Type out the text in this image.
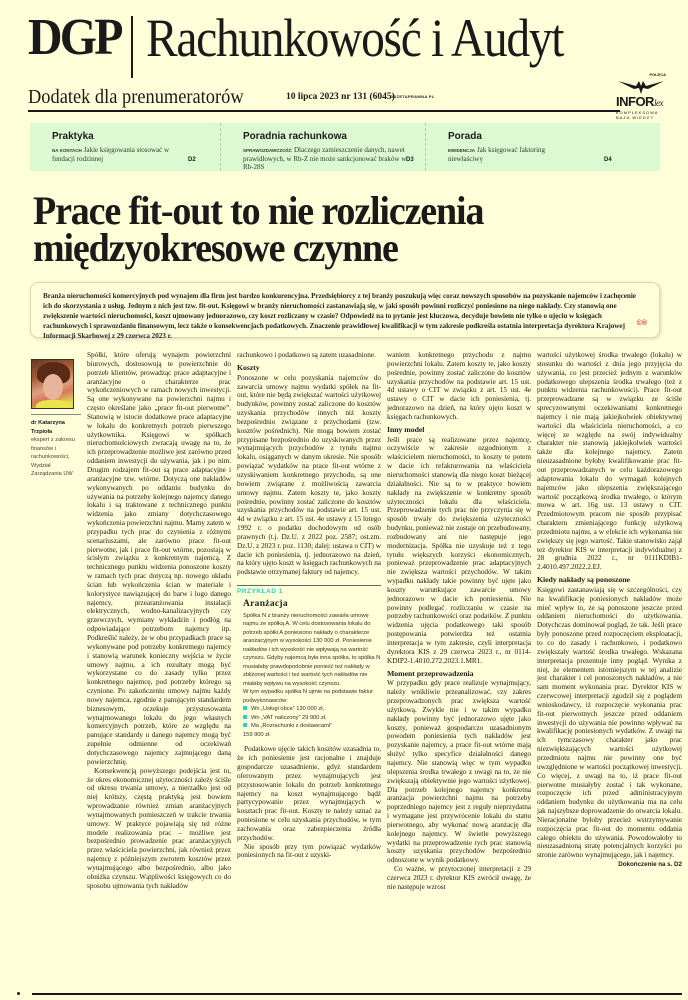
DGP Rachunkowość i Audyt
Dodatek dla prenumeratorów	10 lipca 2023 nr 131 (6045)
GAZETAPRAWNA.PL
POLECA
INFORlex
KOMPLEKSOWA
BAZA WIEDZY
Praktyka

NA KONTACH Jakie księgowania stosować w fundacji rodzinnej	D2
Poradnia rachunkowa

SPRAWOZDAWCZOŚĆ Dlaczego zamieszczenie danych, nawet prawidłowych, w Rb-Z nie może sankcjonować braków w Rb-28S

D3
Porada

EWIDENCJA Jak księgować faktoring niewłaściwy	D4
Prace fit-out to nie rozliczenia międzyokresowe czynne

Branża nieruchomości komercyjnych pod wynajem dla firm jest bardzo konkurencyjna. Przedsiębiorcy z tej branży poszukują więc coraz nowszych sposobów na pozyskanie najemców i zachęcenie ich do skorzystania z usług. Jednym z nich jest tzw. fit-out. Księgowi w branży nieruchomości zastanawiają się, w jaki sposób powinni rozliczyć poniesione na niego nakłady. Czy stanowią one zwiększenie wartości nieruchomości, koszt ujmowany jednorazowo, czy koszt rozliczany w czasie? Odpowiedź na to pytanie jest kluczowa, decyduje bowiem nie tylko o ujęciu w księgach rachunkowych i sprawozdaniu finansowym, lecz także o konsekwencjach podatkowych. Znaczenie prawidłowej kwalifikacji w tym zakresie podkreśla ostatnia interpretacja dyrektora Krajowej Informacji Skarbowej z 29 czerwca 2023 r.

©®
dr Katarzyna Trzpioła
ekspert z zakresu finansów i rachunkowości, Wydział Zarządzania UW

Spółki, które oferują wynajem powierzchni biurowych, dostosowują te powierzchnie do potrzeb klientów, prowadząc prace adaptacyjne i aranżacyjne o charakterze prac wykończeniowych w ramach nowych inwestycji. Są one wykonywane na powierzchni najmu i często określane jako „prace fit-out pierwotne”. Stanowią w istocie dodatkowe prace adaptacyjne w lokalu do konkretnych potrzeb pierwszego użytkownika. Księgowi w spółkach nieruchomościowych zwracają uwagę na to, że ich przeprowadzenie możliwe jest zarówno przed oddaniem inwestycji do używania, jak i po nim. Drugim rodzajem fit-out są prace adaptacyjne i aranżacyjne tzw. wtórne. Dotyczą one nakładów wykonywanych po oddaniu budynku do używania na potrzeby kolejnego najemcy danego lokalu i są traktowane z technicznego punktu widzenia jako zmiany dotychczasowego wykończenia powierzchni najmu. Mamy zatem w przypadku tych prac do czynienia z różnymi scenariuszami, ale zarówno prace fit-out pierwotne, jak i prace fit-out wtórne, pozostają w ścisłym związku z konkretnym najemcą. Z technicznego punktu widzenia ponoszone koszty w ramach tych prac dotyczą np. nowego układu ścian lub wykończenia ścian w materiale i kolorystyce nawiązującej do barw i logo danego najemcy, przearanżowania instalacji elektrycznych, wodno-kanalizacyjnych czy grzewczych, wymiany wykładzin i podłóg na odpowiadające potrzebom najemcy itp. Podkreślić należy, że w obu przypadkach prace są wykonywane pod potrzeby konkretnego najemcy i stanowią warunek konieczny wejścia w życie umowy najmu, a ich rezultaty mogą być wykorzystane co do zasady tylko przez konkretnego najemcę, pod potrzeby którego są czynione. Po zakończeniu umowy najmu każdy nowy najemca, zgodnie z panującym standardem biznesowym, oczekuje przystosowania wynajmowanego lokalu do jego własnych komercyjnych potrzeb, które ze względu na panujące standardy u danego najemcy mogą być zupełnie odmienne od oczekiwań dotychczasowego najemcy zajmującego daną powierzchnię.

Konsekwencją powyższego podejścia jest to, że okres ekonomicznej użyteczności zależy ściśle od okresu trwania umowy, a nierzadko jest od niej krótszy, częstą praktyką jest bowiem wprowadzanie również zmian aranżacyjnych wynajmowanych pomieszczeń w trakcie trwania umowy. W praktyce pojawiają się też różne modele realizowania prac – możliwe jest bezpośrednio prowadzenie prac aranżacyjnych przez właściciela powierzchni, jak również przez najemcę z późniejszym zwrotem kosztów przez wynajmującego albo bezpośrednio, albo jako obniżka czynszu. Wątpliwości księgowych co do sposobu ujmowania tych nakładów

rachunkowo i podatkowo są zatem uzasadnione.

Koszty

Ponoszone w celu pozyskania najemców do zawarcia umowy najmu wydatki spółek na fit-out, które nie będą zwiększać wartości użytkowej budynków, powinny zostać zaliczone do kosztów uzyskania przychodów innych niż koszty bezpośrednio związane z przychodami (tzw. kosztów pośrednich). Nie mogą bowiem zostać przypisane bezpośrednio do uzyskiwanych przez wynajmujących przychodów z tytułu najmu lokalu, osiąganych w danym okresie. Nie sposób powiązać wydatków na prace fit-out wtórne z uzyskiwaniem konkretnego przychodu, są one bowiem związane z możliwością zawarcia umowy najmu. Zatem koszty te, jako koszty pośrednie, powinny zostać zaliczone do kosztów uzyskania przychodów na podstawie art. 15 ust. 4d w związku z art. 15 ust. 4e ustawy z 15 lutego 1992 r. o podatku dochodowym od osób prawnych (t.j. Dz.U. z 2022 poz. 2587; ost.zm. Dz.U. z 2023 r. poz. 1130; dalej: ustawa o CIT) w dacie ich poniesienia, tj. jednorazowo na dzień, na który ujęto koszt w księgach rachunkowych na podstawie otrzymanej faktury od najemcy.

PRZYKŁAD 1
Aranżacja
Spółka N z branży nieruchomości zawarła umowę najmu ze spółką A. W celu dostosowania lokalu do potrzeb spółki A poniesiono nakłady o charakterze aranżacyjnym w wysokości 130 000 zł. Poniesienie nakładów i ich wysokość nie wpływają na wartość czynszu. Gdyby najemcą była inna spółka, to spółka N musiałaby prawdopodobnie ponieść też nakłady w zbliżonej wartości i też wartość tych nakładów nie miałaby wpływu na wysokość czynszu.
W tym wypadku spółka N ujmie na podstawie faktur podwykonawców:
Wn „Usługi obce” 130 000 zł,
Wn „VAT naliczony” 29 900 zł,
Ma „Rozrachunki z dostawcami”
159 900 zł.

Podatkowe ujęcie takich kosztów uzasadnia to, że ich poniesienie jest racjonalne i znajduje gospodarcze uzasadnienie, gdyż standardem oferowanym przez wynajmujących jest przystosowanie lokalu do potrzeb konkretnego najemcy na koszt wynajmującego bądź partycypowanie przez wynajmujących w kosztach prac fit-out. Koszty te należy uznać za poniesione w celu uzyskania przychodów, w tym zachowania oraz zabezpieczenia źródła przychodów.

Nie sposób przy tym powiązać wydatków poniesionych na fit-out z uzyski-

waniem konkretnego przychodu z najmu powierzchni lokalu. Zatem koszty te, jako koszty pośrednie, powinny zostać zaliczone do kosztów uzyskania przychodów na podstawie art. 15 ust. 4d ustawy o CIT w związku z art. 15 ust. 4e ustawy o CIT w dacie ich poniesienia, tj. jednorazowo na dzień, na który ujęto koszt w księgach rachunkowych.

Inny model

Jeśli prace są realizowane przez najemcę, oczywiście w zakresie uzgodnionym z właścicielem nieruchomości, to koszty te potem w dacie ich refakturowania na właściciela nieruchomości stanowią dla niego koszt bieżącej działalności. Nie są to w praktyce bowiem nakłady na zwiększenie w konkretny sposób użyteczności lokalu dla właściciela. Przeprowadzenie tych prac nie przyczynia się w sposób trwały do zwiększenia użyteczności budynku, ponieważ nie zostaje on przebudowany, rozbudowany ani nie następuje jego modernizacja. Spółka nie uzyskuje też z tego tytułu większych korzyści ekonomicznych, ponieważ przeprowadzenie prac adaptacyjnych nie zwiększa wartości przychodów. W takim wypadku nakłady takie powinny być ujęte jako koszty warunkujące zawarcie umowy jednorazowo w dacie ich poniesienia. Nie powinny podlegać rozliczaniu w czasie na potrzeby rachunkowości oraz podatków. Z punktu widzenia ujęcia podatkowego taki sposób postępowania potwierdza też ostatnia interpretacja w tym zakresie, czyli interpretacja dyrektora KIS z 29 czerwca 2023 r., nr 0114-KDIP2-1.4010.272.2023.1.MR1.

Moment przeprowadzenia

W przypadku gdy prace realizuje wynajmujący, należy wnikliwie przeanalizować, czy zakres przeprowadzonych prac zwiększa wartość użytkową. Zwykle nie i w takim wypadku nakłady powinny być jednorazowo ujęte jako koszty, ponieważ gospodarczo uzasadnionym powodem poniesienia tych nakładów jest pozyskanie najemcy, a prace fit-out wtórne mają służyć tylko specyfice działalności danego najemcy. Nie stanowią więc w tym wypadku ulepszenia środka trwałego z uwagi na to, że nie zwiększają obiektywnie jego wartości użytkowej. Dla potrzeb kolejnego najemcy konkretna aranżacja powierzchni najmu na potrzeby poprzedniego najemcy jest z reguły nieprzydatna i wymagane jest przywrócenie lokalu do stanu pierwotnego, aby wykonać nową aranżację dla kolejnego najemcy. W świetle powyższego wydatki na przeprowadzenie tych prac stanowią koszty uzyskania przychodów bezpośrednio odnoszone w wynik podatkowy.

Co ważne, w przytoczonej interpretacji z 29 czerwca 2023 r. dyrektor KIS zwrócił uwagę, że nie następuje wzrost

wartości użytkowej środka trwałego (lokalu) w stosunku do wartości z dnia jego przyjęcia do używania, co jest przecież jednym z warunków podatkowego ulepszenia środka trwałego (też z punktu widzenia rachunkowości). Prace fit-out przeprowadzane są w związku ze ściśle sprecyzowanymi oczekiwaniami konkretnego najemcy i nie mają jakiejkolwiek obiektywnej wartości dla właściciela nieruchomości, a co więcej ze względu na swój indywidualny charakter nie stanowią jakiejkolwiek wartości także dla kolejnego najemcy. Zatem nieuzasadnione byłoby kwalifikowanie prac fit-out przeprowadzanych w celu każdorazowego adaptowania lokalu do wymagań kolejnych najemców jako ulepszenia zwiększającego wartość początkową środka trwałego, o którym mowa w art. 16g ust. 13 ustawy o CIT. Przedmiotowym pracom nie sposób przypisać charakteru zmieniającego funkcję użytkową przedmiotu najmu, a w efekcie ich wykonania nie zwiększy się jego wartość. Takie stanowisko zajął też dyrektor KIS w interpretacji indywidualnej z 28 grudnia 2022 r., nr 0111KDIB1-2.4010.497.2022.2.EJ.

Kiedy nakłady są ponoszone

Księgowi zastanawiają się w szczególności, czy na kwalifikację poniesionych nakładów może mieć wpływ to, że są ponoszone jeszcze przed oddaniem nieruchomości do użytkowania. Dotychczas dominował pogląd, że tak. Jeśli prace były ponoszone przed rozpoczęciem eksploatacji, to co do zasady i rachunkowo, i podatkowo zwiększały wartość środka trwałego. Wskazana interpretacja prezentuje inny pogląd. Wynika z niej, że elementem istotniejszym w tej analizie jest charakter i cel ponoszonych nakładów, a nie sam moment wykonania prac. Dyrektor KIS w czerwcowej interpretacji zgodził się z poglądem wnioskodawcy, iż rozpoczęcie wykonania prac fit-out pierwotnych jeszcze przed oddaniem inwestycji do używania nie powinno wpływać na kwalifikację poniesionych wydatków. Z uwagi na ich tymczasowy charakter jako prac niezwiększających wartości użytkowej przedmiotu najmu nie powinny one być uwzględnione w wartości początkowej inwestycji. Co więcej, z uwagi na to, iż prace fit-out pierwotne musiałyby zostać i tak wykonane, rozpoczęcie ich przed administracyjnym oddaniem budynku do użytkowania ma na celu jak najszybsze doprowadzenie do otwarcia lokalu. Nieracjonalne byłoby przecież wstrzymywanie rozpoczęcia prac fit-out do momentu oddania całego obiektu do używania. Powodowałoby to nieuzasadnioną stratę potencjalnych korzyści po stronie zarówno wynajmującego, jak i najemcy.

Dokończenie na s. D2
